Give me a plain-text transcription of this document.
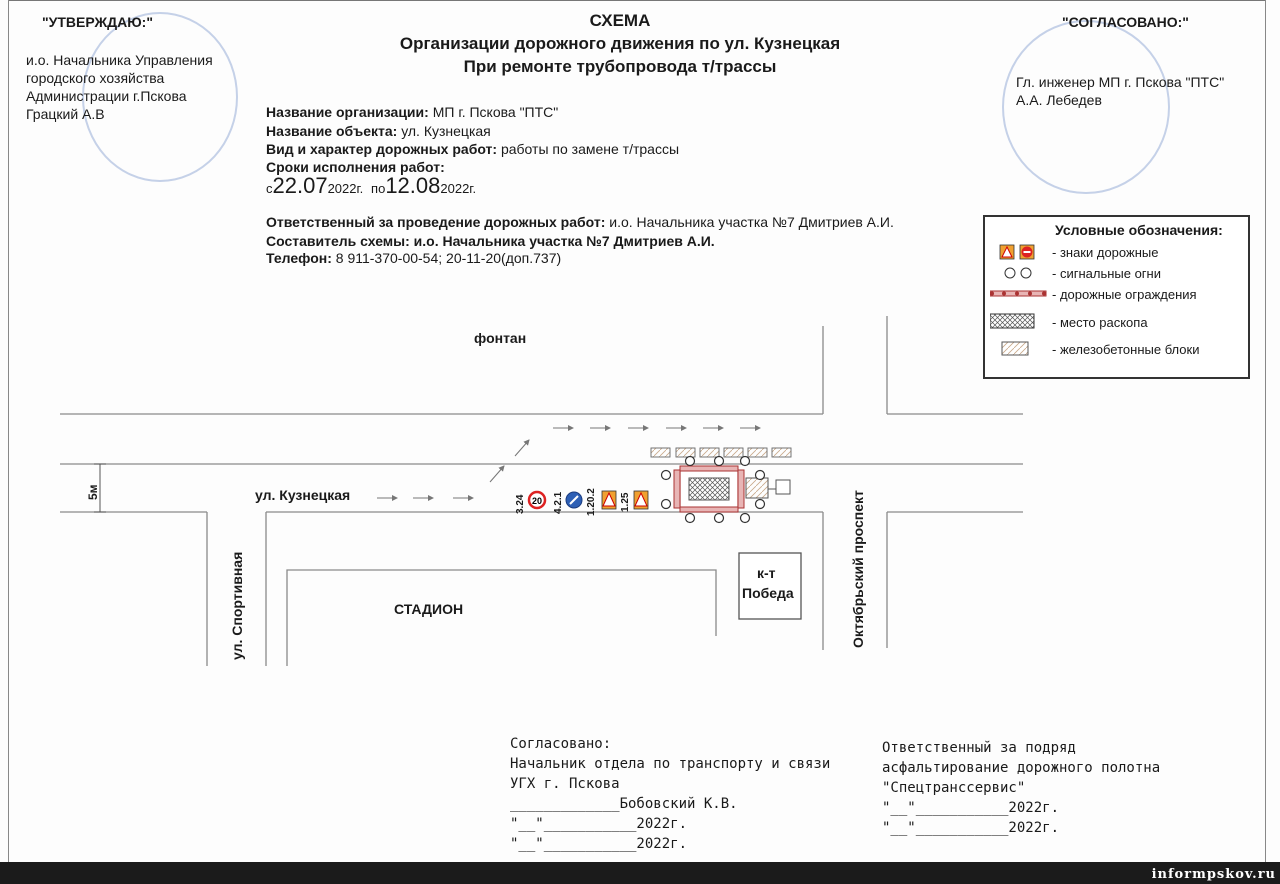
"УТВЕРЖДАЮ:"
и.о. Начальника Управления
городского хозяйства
Администрации г.Пскова
Грацкий А.В
"СОГЛАСОВАНО:"
Гл. инженер МП г. Пскова "ПТС"
А.А. Лебедев
СХЕМА
Организации дорожного движения по ул. Кузнецкая
При ремонте трубопровода т/трассы
Название организации: МП г. Пскова "ПТС"
Название объекта: ул. Кузнецкая
Вид и характер дорожных работ: работы по замене т/трассы
Сроки исполнения работ:
с22.072022г. по12.082022г.
Ответственный за проведение дорожных работ: и.о. Начальника участка №7 Дмитриев А.И.
Составитель схемы: и.о. Начальника участка №7 Дмитриев А.И.
Телефон: 8 911-370-00-54; 20-11-20(доп.737)
Условные обозначения:
- знаки дорожные
- сигнальные огни
- дорожные ограждения
- место раскопа
- железобетонные блоки
20
3.24	4.2.1 1.20.2 1.25
фонтан
ул. Кузнецкая
5м
ул. Спортивная	СТАДИОН
к-т
Победа	Октябрьский проспект
Согласовано:
Начальник отдела по транспорту и связи
УГХ г. Пскова
_____________Бобовский К.В.
"__"___________2022г.
"__"___________2022г.
Ответственный за подряд
асфальтирование дорожного полотна
"Спецтранссервис"
"__"___________2022г.
"__"___________2022г.
informpskov.ru
